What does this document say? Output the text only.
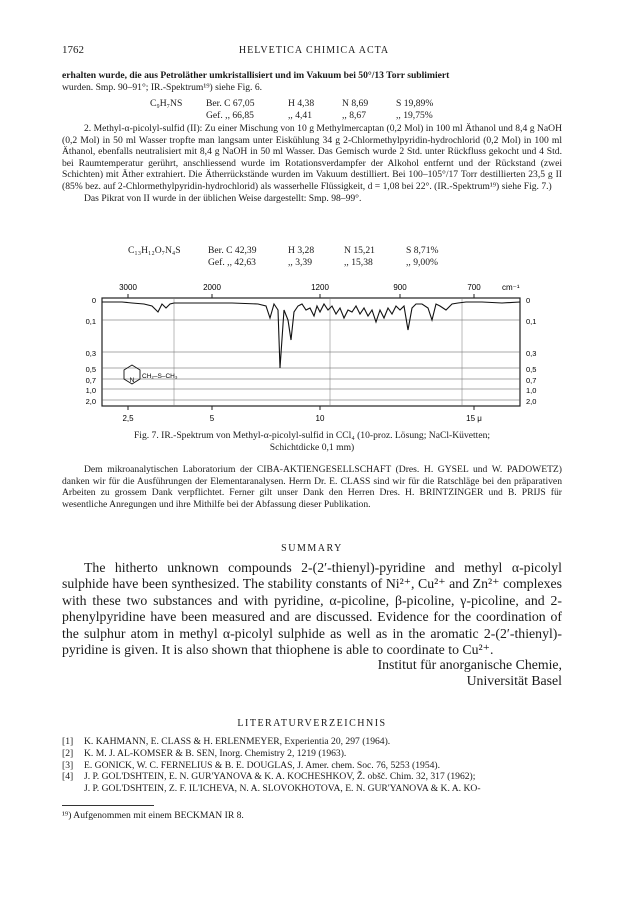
1762	HELVETICA CHIMICA ACTA

erhalten wurde, die aus Petroläther umkristallisiert und im Vakuum bei 50°/13 Torr sublimiert

wurden. Smp. 90–91°; IR.-Spektrum¹⁹) siehe Fig. 6.

C₉H₇NS Ber. C 67,05	H 4,38	N 8,69	S 19,89%
Gef. ,, 66,85	,, 4,41	,, 8,67	,, 19,75%

2. Methyl-α-picolyl-sulfid (II): Zu einer Mischung von 10 g Methylmercaptan (0,2 Mol) in 100 ml Äthanol und 8,4 g NaOH (0,2 Mol) in 50 ml Wasser tropfte man langsam unter Eiskühlung 34 g 2-Chlormethylpyridin-hydrochlorid (0,2 Mol) in 100 ml Äthanol, ebenfalls neutralisiert mit 8,4 g NaOH in 50 ml Wasser. Das Gemisch wurde 2 Std. unter Rückfluss gekocht und 4 Std. bei Raumtemperatur gerührt, anschliessend wurde im Rotationsverdampfer der Alkohol entfernt und der Rückstand (zwei Schichten) mit Äther extrahiert. Die Ätherrückstände wurden im Vakuum destilliert. Bei 100–105°/17 Torr destillierten 23,5 g II (85% bez. auf 2-Chlormethylpyridin-hydrochlorid) als wasserhelle Flüssigkeit, d = 1,08 bei 22°. (IR.-Spektrum¹⁹) siehe Fig. 7.)

Das Pikrat von II wurde in der üblichen Weise dargestellt: Smp. 98–99°.

C₁₃H₁₂O₇N₄S	Ber. C 42,39	H 3,28	N 15,21	S 8,71%
Gef. ,, 42,63	,, 3,39	,, 15,38	,, 9,00%
3000	2000	1200	900	700	cm⁻¹
0
0,1
0,3
0,5
0,7
1,0
2,0
0
0,1
0,3
0,5
0,7
1,0
2,0
N
CH₂–S–CH₃
2,5	5	10	15 μ
Fig. 7. IR.-Spektrum von Methyl-α-picolyl-sulfid in CCl₄ (10-proz. Lösung; NaCl-Küvetten;
Schichtdicke 0,1 mm)

Dem mikroanalytischen Laboratorium der CIBA-AKTIENGESELLSCHAFT (Dres. H. GYSEL und W. PADOWETZ) danken wir für die Ausführungen der Elementaranalysen. Herrn Dr. E. CLASS sind wir für die Ratschläge bei den präparativen Arbeiten zu grossem Dank verpflichtet. Ferner gilt unser Dank den Herren Dres. H. BRINTZINGER und B. PRIJS für wesentliche Anregungen und ihre Mithilfe bei der Abfassung dieser Publikation.

SUMMARY

The hitherto unknown compounds 2-(2′-thienyl)-pyridine and methyl α-picolyl sulphide have been synthesized. The stability constants of Ni²⁺, Cu²⁺ and Zn²⁺ complexes with these two substances and with pyridine, α-picoline, β-picoline, γ-picoline, and 2-phenylpyridine have been measured and are discussed. Evidence for the coordination of the sulphur atom in methyl α-picolyl sulphide as well as in the aromatic 2-(2′-thienyl)-pyridine is given. It is also shown that thiophene is able to coordinate to Cu²⁺.

Institut für anorganische Chemie,
Universität Basel
LITERATURVERZEICHNIS
[1] K. KAHMANN, E. CLASS & H. ERLENMEYER, Experientia 20, 297 (1964).
[2] K. M. J. AL-KOMSER & B. SEN, Inorg. Chemistry 2, 1219 (1963).
[3] E. GONICK, W. C. FERNELIUS & B. E. DOUGLAS, J. Amer. chem. Soc. 76, 5253 (1954).
[4] J. P. GOL'DSHTEIN, E. N. GUR'YANOVA & K. A. KOCHESHKOV, Ž. obšč. Chim. 32, 317 (1962);
J. P. GOL'DSHTEIN, Z. F. IL'ICHEVA, N. A. SLOVOKHOTOVA, E. N. GUR'YANOVA & K. A. KO-
¹⁹) Aufgenommen mit einem BECKMAN IR 8.
